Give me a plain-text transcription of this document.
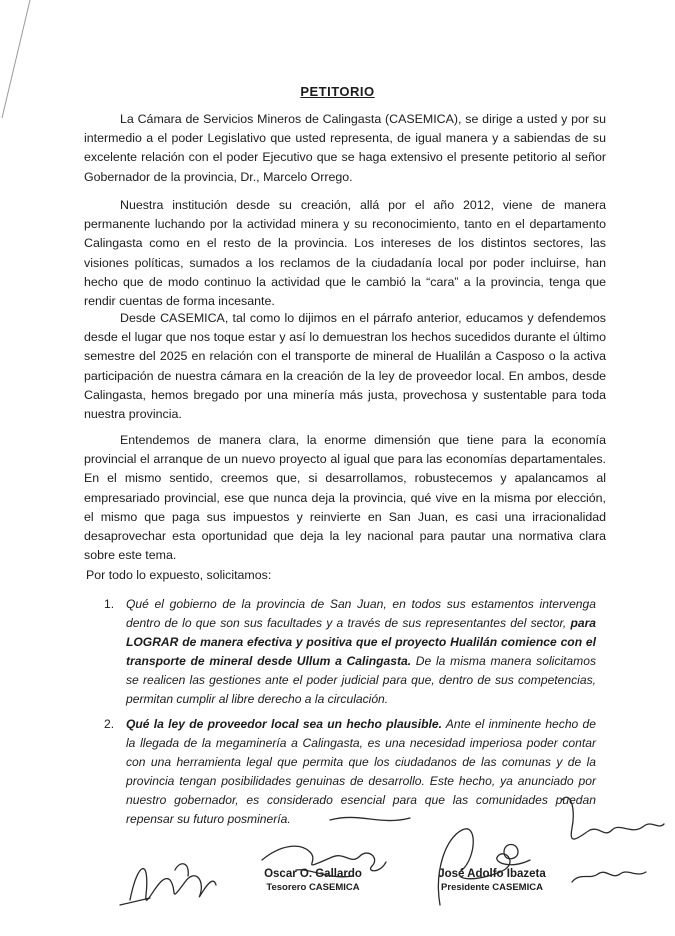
PETITORIO

La Cámara de Servicios Mineros de Calingasta (CASEMICA), se dirige a usted y por su intermedio a el poder Legislativo que usted representa, de igual manera y a sabiendas de su excelente relación con el poder Ejecutivo que se haga extensivo el presente petitorio al señor Gobernador de la provincia, Dr., Marcelo Orrego.

Nuestra institución desde su creación, allá por el año 2012, viene de manera permanente luchando por la actividad minera y su reconocimiento, tanto en el departamento Calingasta como en el resto de la provincia. Los intereses de los distintos sectores, las visiones políticas, sumados a los reclamos de la ciudadanía local por poder incluirse, han hecho que de modo continuo la actividad que le cambió la “cara” a la provincia, tenga que rendir cuentas de forma incesante.

Desde CASEMICA, tal como lo dijimos en el párrafo anterior, educamos y defendemos desde el lugar que nos toque estar y así lo demuestran los hechos sucedidos durante el último semestre del 2025 en relación con el transporte de mineral de Hualilán a Casposo o la activa participación de nuestra cámara en la creación de la ley de proveedor local. En ambos, desde Calingasta, hemos bregado por una minería más justa, provechosa y sustentable para toda nuestra provincia.

Entendemos de manera clara, la enorme dimensión que tiene para la economía provincial el arranque de un nuevo proyecto al igual que para las economías departamentales. En el mismo sentido, creemos que, si desarrollamos, robustecemos y apalancamos al empresariado provincial, ese que nunca deja la provincia, qué vive en la misma por elección, el mismo que paga sus impuestos y reinvierte en San Juan, es casi una irracionalidad desaprovechar esta oportunidad que deja la ley nacional para pautar una normativa clara sobre este tema.

Por todo lo expuesto, solicitamos:

1. Qué el gobierno de la provincia de San Juan, en todos sus estamentos intervenga dentro de lo que son sus facultades y a través de sus representantes del sector, para LOGRAR de manera efectiva y positiva que el proyecto Hualilán comience con el transporte de mineral desde Ullum a Calingasta. De la misma manera solicitamos se realicen las gestiones ante el poder judicial para que, dentro de sus competencias, permitan cumplir al libre derecho a la circulación.
2. Qué la ley de proveedor local sea un hecho plausible. Ante el inminente hecho de la llegada de la megaminería a Calingasta, es una necesidad imperiosa poder contar con una herramienta legal que permita que los ciudadanos de las comunas y de la provincia tengan posibilidades genuinas de desarrollo. Este hecho, ya anunciado por nuestro gobernador, es considerado esencial para que las comunidades puedan repensar su futuro posminería.
Oscar O. Gallardo
Tesorero CASEMICA
José Adolfo Ibazeta
Presidente CASEMICA
